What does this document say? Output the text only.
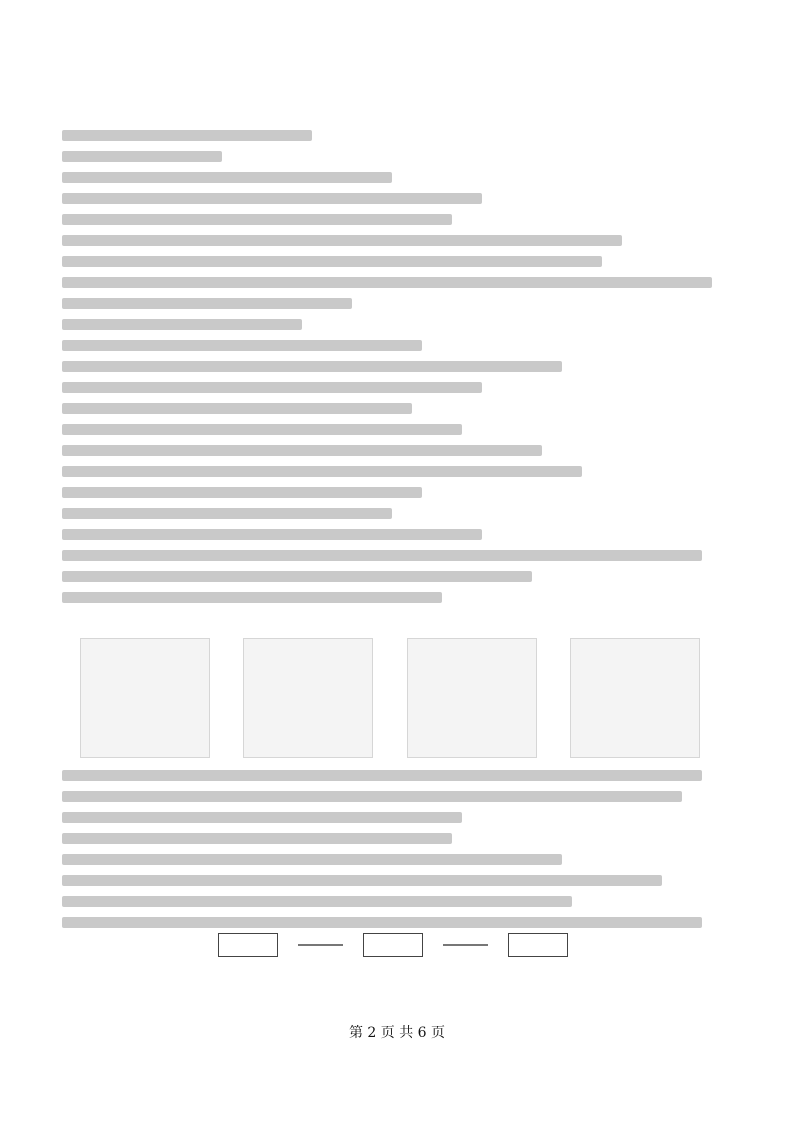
第 2 页 共 6 页
